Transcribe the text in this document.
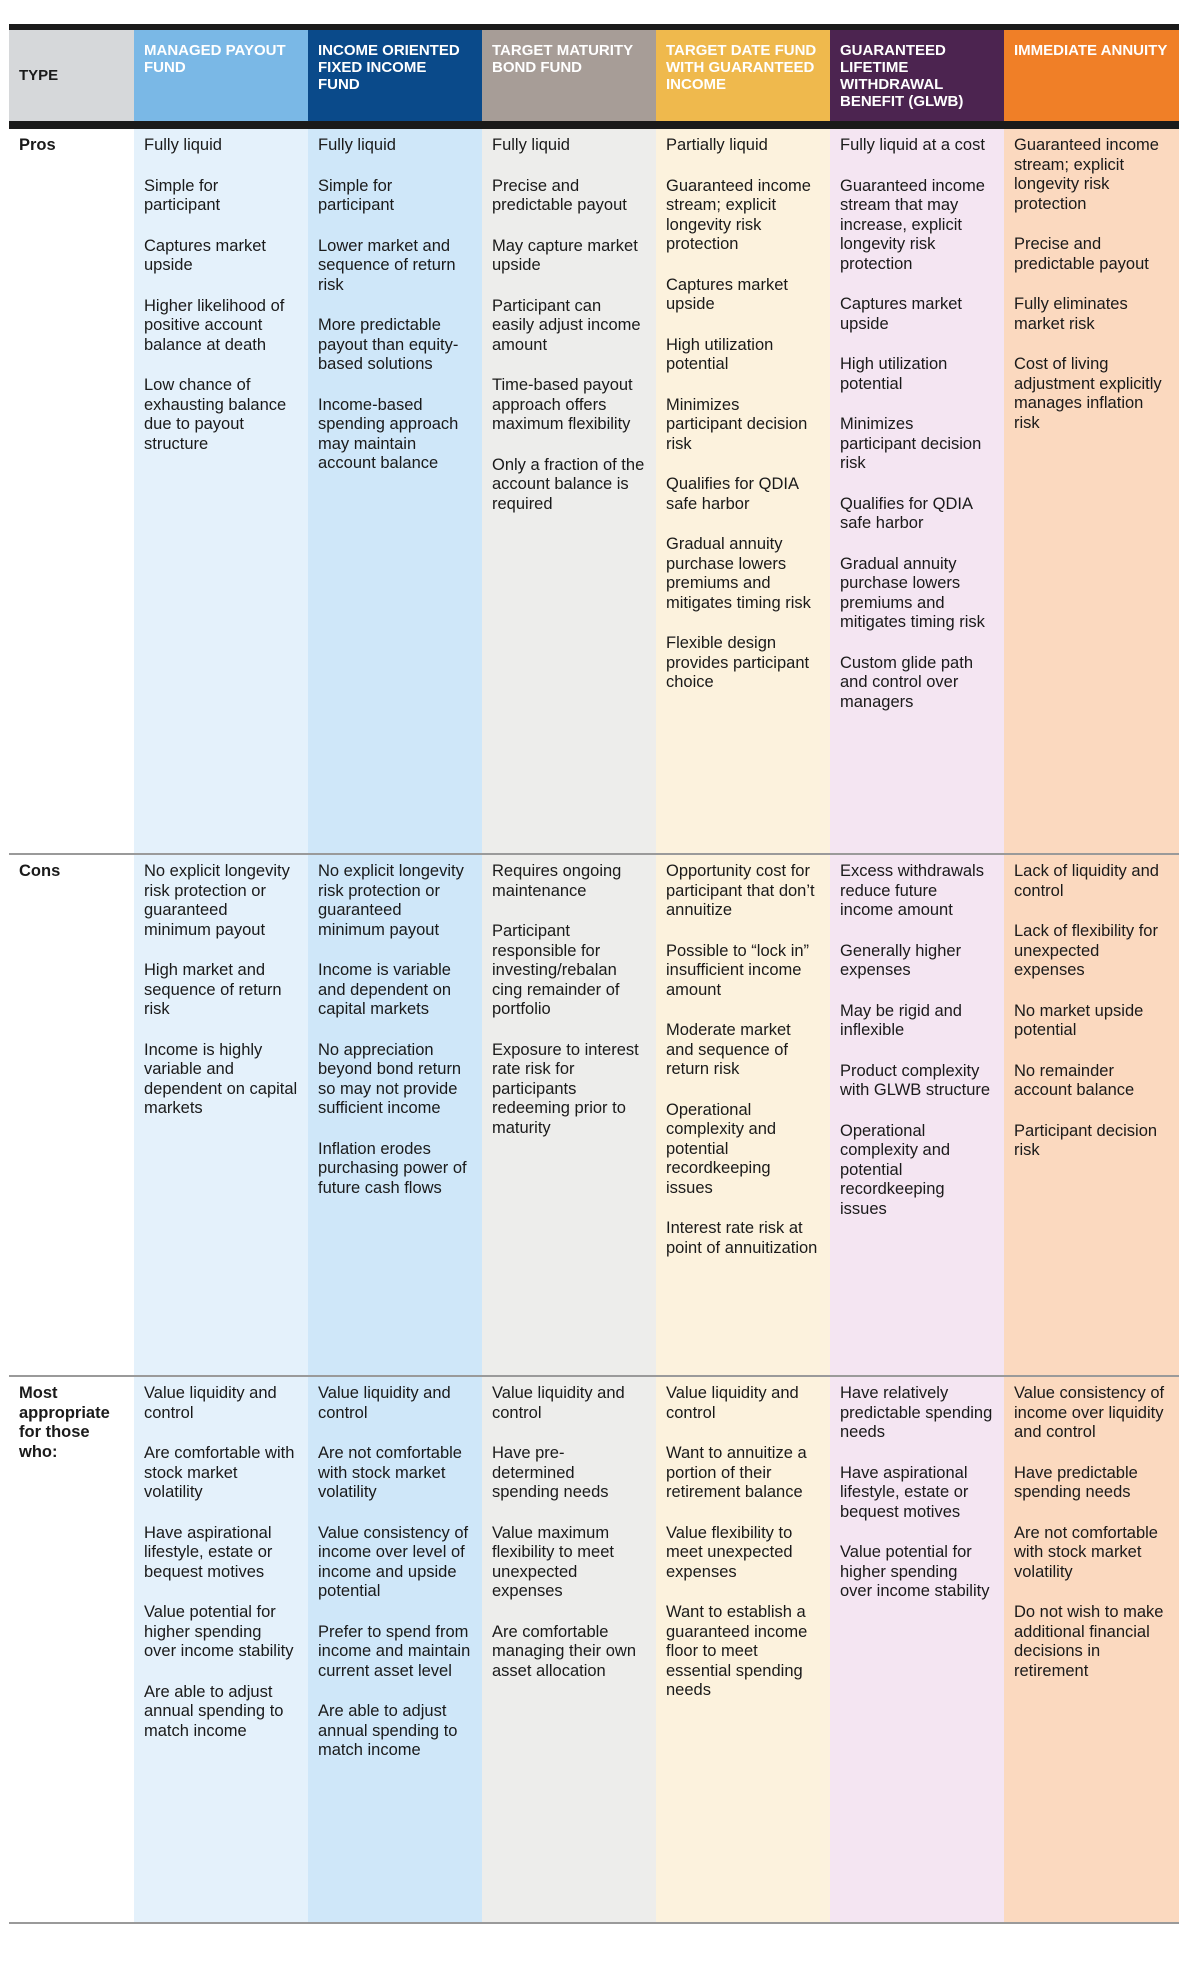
TYPE
MANAGED PAYOUT FUND
INCOME ORIENTED FIXED INCOME FUND
TARGET MATURITY BOND FUND
TARGET DATE FUND WITH GUARANTEED INCOME
GUARANTEED LIFETIME WITHDRAWAL BENEFIT (GLWB)
IMMEDIATE ANNUITY
Pros	Fully liquid
Simple for participant
Captures market upside
Higher likelihood of positive account balance at death
Low chance of exhausting balance due to payout structure
Fully liquid
Simple for participant
Lower market and sequence of return risk
More predictable payout than equity-based solutions
Income-based spending approach may maintain account balance
Fully liquid
Precise and predictable payout
May capture market upside
Participant can easily adjust income amount
Time-based payout approach offers maximum flexibility
Only a fraction of the account balance is required
Partially liquid
Guaranteed income stream; explicit longevity risk protection
Captures market upside
High utilization potential
Minimizes participant decision risk
Qualifies for QDIA safe harbor
Gradual annuity purchase lowers premiums and mitigates timing risk
Flexible design provides participant choice
Fully liquid at a cost
Guaranteed income stream that may increase, explicit longevity risk protection
Captures market upside
High utilization potential
Minimizes participant decision risk
Qualifies for QDIA safe harbor
Gradual annuity purchase lowers premiums and mitigates timing risk
Custom glide path and control over managers
Guaranteed income stream; explicit longevity risk protection
Precise and predictable payout
Fully eliminates market risk
Cost of living adjustment explicitly manages inflation risk
Cons	No explicit longevity risk protection or guaranteed minimum payout
High market and sequence of return risk
Income is highly variable and dependent on capital markets
No explicit longevity risk protection or guaranteed minimum payout
Income is variable and dependent on capital markets
No appreciation beyond bond return so may not provide sufficient income
Inflation erodes purchasing power of future cash flows
Requires ongoing maintenance
Participant responsible for investing/rebalan cing remainder of portfolio
Exposure to interest rate risk for participants redeeming prior to maturity
Opportunity cost for participant that don’t annuitize
Possible to “lock in” insufficient income amount
Moderate market and sequence of return risk
Operational complexity and potential recordkeeping issues
Interest rate risk at point of annuitization
Excess withdrawals reduce future income amount
Generally higher expenses
May be rigid and inflexible
Product complexity with GLWB structure
Operational complexity and potential recordkeeping issues
Lack of liquidity and control
Lack of flexibility for unexpected expenses
No market upside potential
No remainder account balance
Participant decision risk
Most appropriate for those who:
Value liquidity and control
Are comfortable with stock market volatility
Have aspirational lifestyle, estate or bequest motives
Value potential for higher spending over income stability
Are able to adjust annual spending to match income
Value liquidity and control
Are not comfortable with stock market volatility
Value consistency of income over level of income and upside potential
Prefer to spend from income and maintain current asset level
Are able to adjust annual spending to match income
Value liquidity and control
Have pre-determined spending needs
Value maximum flexibility to meet unexpected expenses
Are comfortable managing their own asset allocation
Value liquidity and control
Want to annuitize a portion of their retirement balance
Value flexibility to meet unexpected expenses
Want to establish a guaranteed income floor to meet essential spending needs
Have relatively predictable spending needs
Have aspirational lifestyle, estate or bequest motives
Value potential for higher spending over income stability
Value consistency of income over liquidity and control
Have predictable spending needs
Are not comfortable with stock market volatility
Do not wish to make additional financial decisions in retirement
